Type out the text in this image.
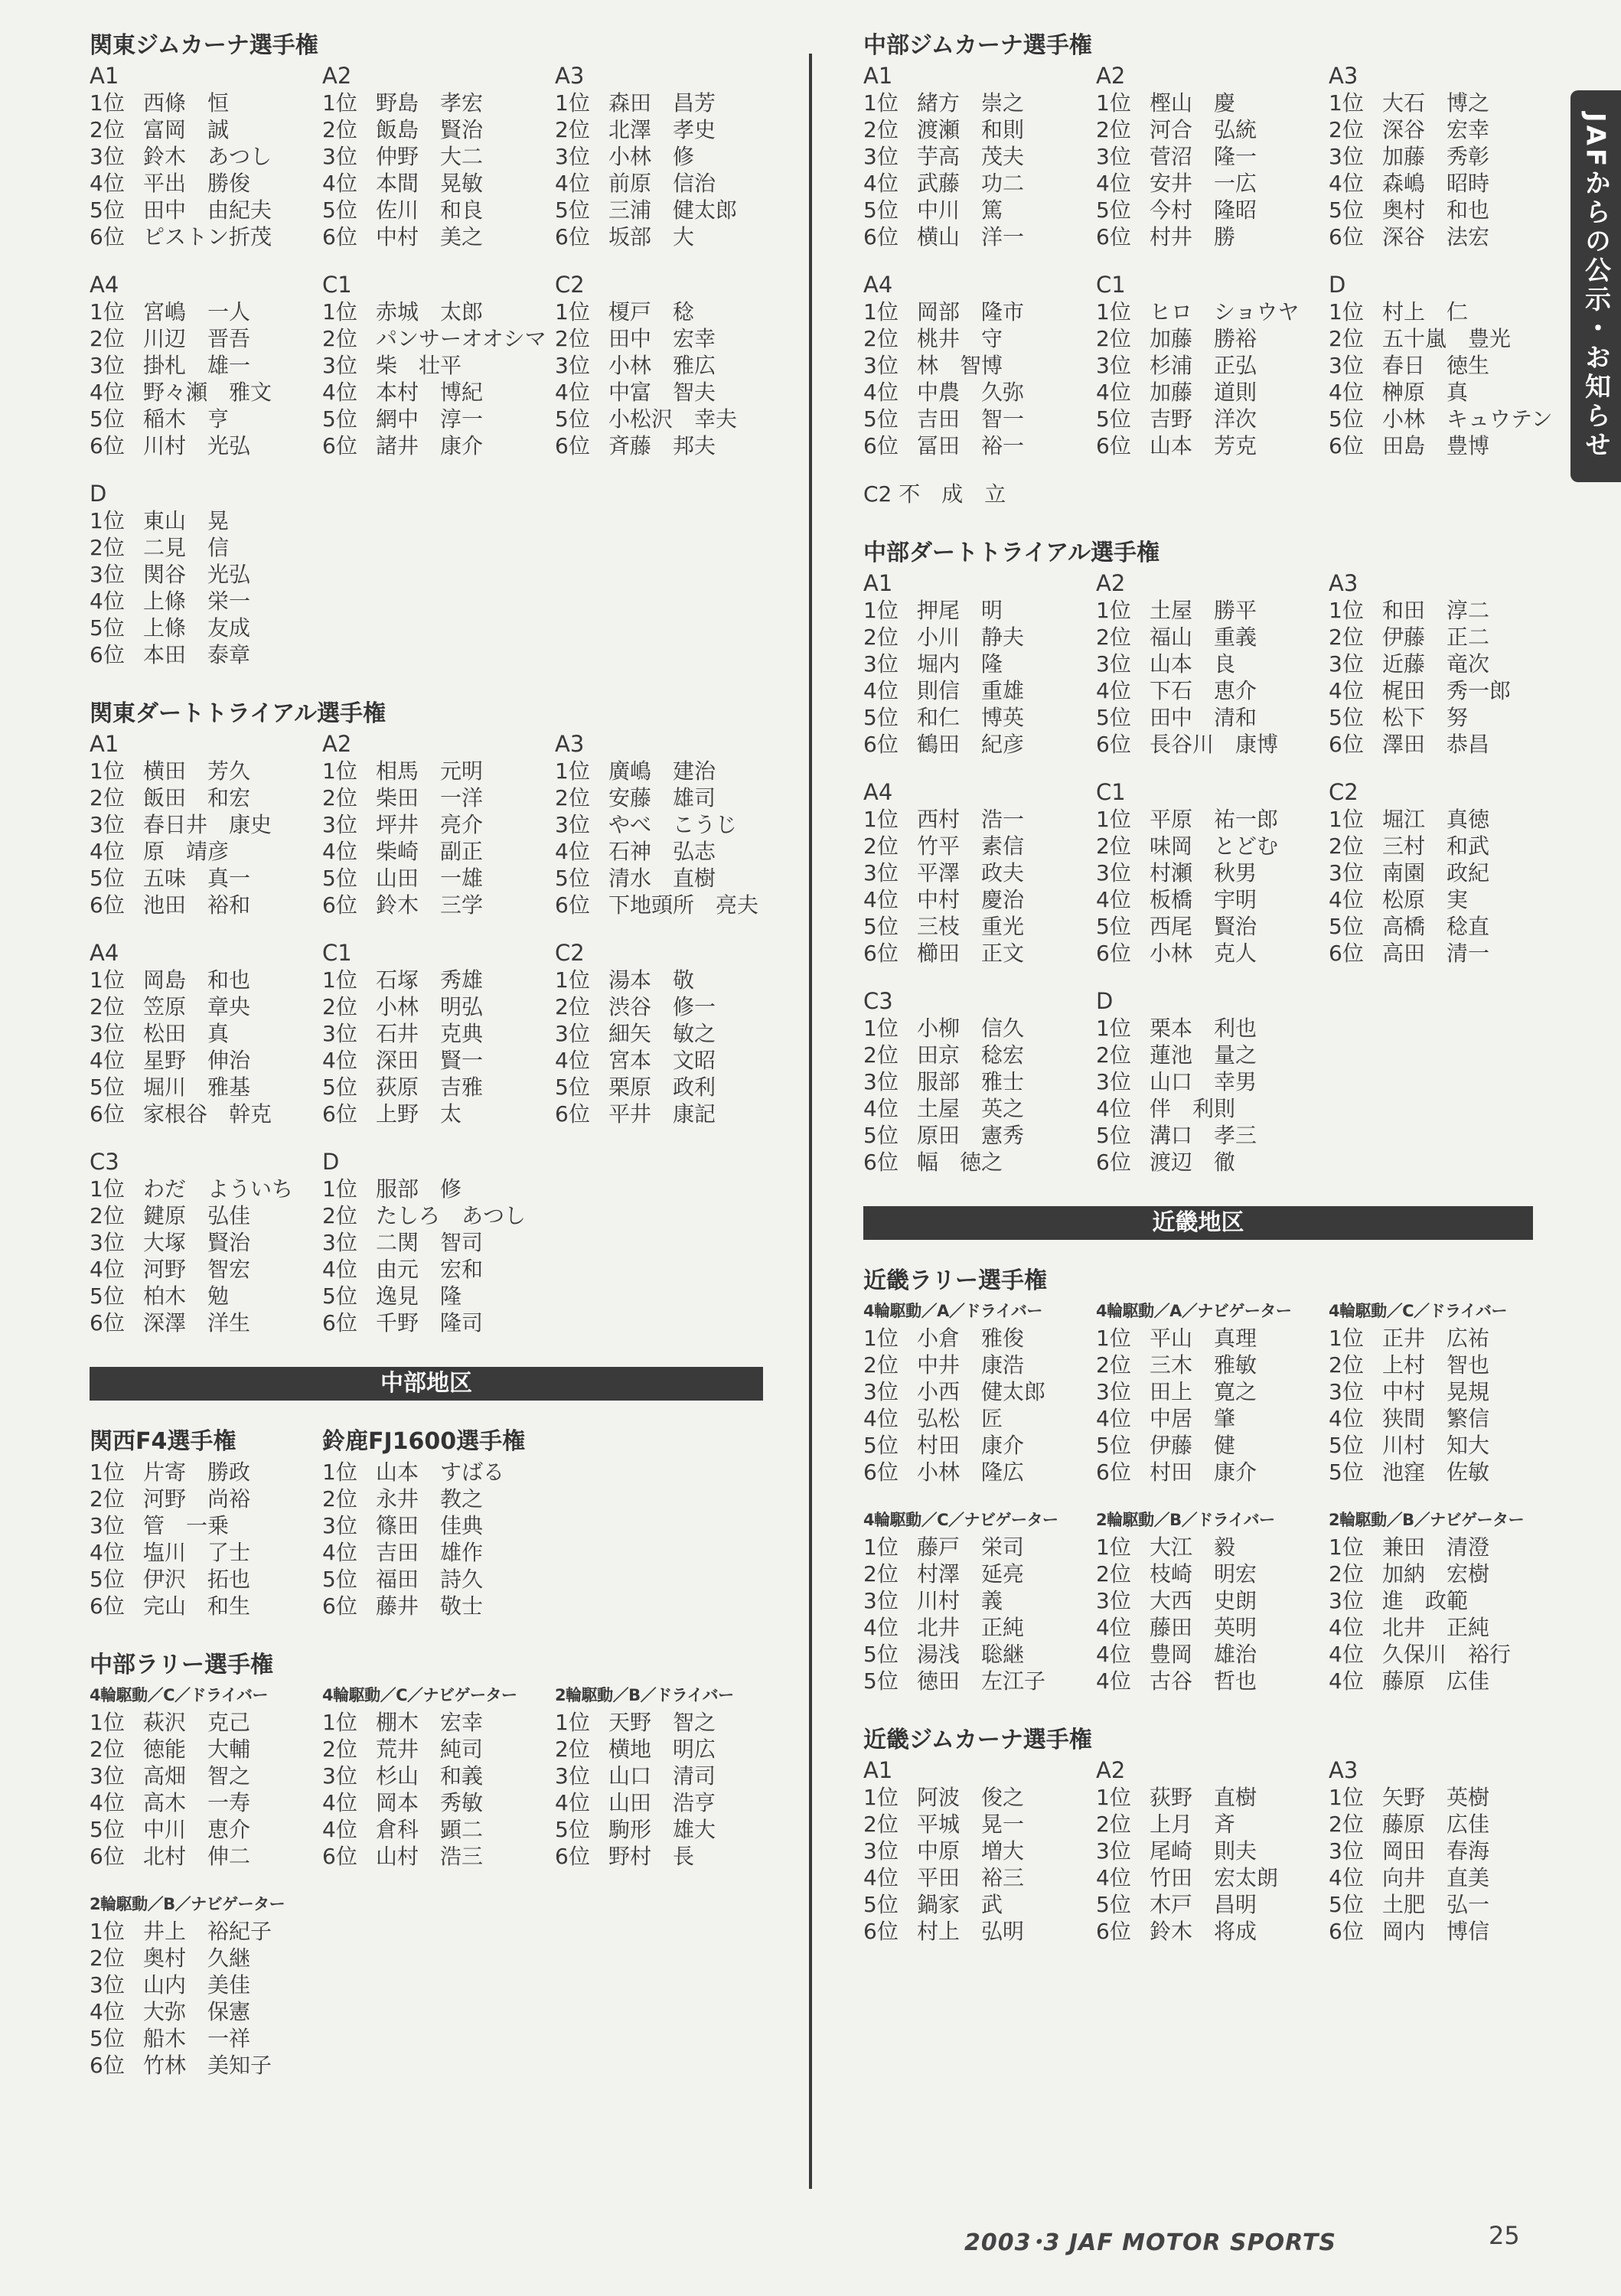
関東ジムカーナ選手権
A1
1位 西條　恒
2位 富岡　誠
3位 鈴木　あつし
4位 平出　勝俊
5位 田中　由紀夫
6位 ピストン折茂
A2
1位 野島　孝宏
2位 飯島　賢治
3位 仲野　大二
4位 本間　晃敏
5位 佐川　和良
6位 中村　美之
A3
1位 森田　昌芳
2位 北澤　孝史
3位 小林　修
4位 前原　信治
5位 三浦　健太郎
6位 坂部　大
A4
1位 宮嶋　一人
2位 川辺　晋吾
3位 掛札　雄一
4位 野々瀬　雅文
5位 稲木　亨
6位 川村　光弘
C1
1位 赤城　太郎
2位 パンサーオオシマ
3位 柴　壮平
4位 本村　博紀
5位 網中　淳一
6位 諸井　康介
C2
1位 榎戸　稔
2位 田中　宏幸
3位 小林　雅広
4位 中富　智夫
5位 小松沢　幸夫
6位 斉藤　邦夫
D
1位 東山　晃
2位 二見　信
3位 関谷　光弘
4位 上條　栄一
5位 上條　友成
6位 本田　泰章
関東ダートトライアル選手権
A1
1位 横田　芳久
2位 飯田　和宏
3位 春日井　康史
4位 原　靖彦
5位 五味　真一
6位 池田　裕和
A2
1位 相馬　元明
2位 柴田　一洋
3位 坪井　亮介
4位 柴崎　副正
5位 山田　一雄
6位 鈴木　三学
A3
1位 廣嶋　建治
2位 安藤　雄司
3位 やべ　こうじ
4位 石神　弘志
5位 清水　直樹
6位 下地頭所　亮夫
A4
1位 岡島　和也
2位 笠原　章央
3位 松田　真
4位 星野　伸治
5位 堀川　雅基
6位 家根谷　幹克
C1
1位 石塚　秀雄
2位 小林　明弘
3位 石井　克典
4位 深田　賢一
5位 荻原　吉雅
6位 上野　太
C2
1位 湯本　敬
2位 渋谷　修一
3位 細矢　敏之
4位 宮本　文昭
5位 栗原　政利
6位 平井　康記
C3
1位 わだ　よういち
2位 鍵原　弘佳
3位 大塚　賢治
4位 河野　智宏
5位 柏木　勉
6位 深澤　洋生
D
1位 服部　修
2位 たしろ　あつし
3位 二関　智司
4位 由元　宏和
5位 逸見　隆
6位 千野　隆司
中部地区
関西F4選手権
1位 片寄　勝政
2位 河野　尚裕
3位 管　一乗
4位 塩川　了士
5位 伊沢　拓也
6位 完山　和生
鈴鹿FJ1600選手権
1位 山本　すばる
2位 永井　教之
3位 篠田　佳典
4位 吉田　雄作
5位 福田　詩久
6位 藤井　敬士
中部ラリー選手権
4輪駆動／C／ドライバー
1位 萩沢　克己
2位 徳能　大輔
3位 高畑　智之
4位 高木　一寿
5位 中川　恵介
6位 北村　伸二
4輪駆動／C／ナビゲーター
1位 棚木　宏幸
2位 荒井　純司
3位 杉山　和義
4位 岡本　秀敏
4位 倉科　顕二
6位 山村　浩三
2輪駆動／B／ドライバー
1位 天野　智之
2位 横地　明広
3位 山口　清司
4位 山田　浩亨
5位 駒形　雄大
6位 野村　長
2輪駆動／B／ナビゲーター
1位 井上　裕紀子
2位 奥村　久継
3位 山内　美佳
4位 大弥　保憲
5位 船木　一祥
6位 竹林　美知子
中部ジムカーナ選手権
A1
1位 緒方　崇之
2位 渡瀬　和則
3位 芋高　茂夫
4位 武藤　功二
5位 中川　篤
6位 横山　洋一
A2
1位 樫山　慶
2位 河合　弘統
3位 菅沼　隆一
4位 安井　一広
5位 今村　隆昭
6位 村井　勝
A3
1位 大石　博之
2位 深谷　宏幸
3位 加藤　秀彰
4位 森嶋　昭時
5位 奥村　和也
6位 深谷　法宏
A4
1位 岡部　隆市
2位 桃井　守
3位 林　智博
4位 中農　久弥
5位 吉田　智一
6位 冨田　裕一
C1
1位 ヒロ　ショウヤ
2位 加藤　勝裕
3位 杉浦　正弘
4位 加藤　道則
5位 吉野　洋次
6位 山本　芳克
D
1位 村上　仁
2位 五十嵐　豊光
3位 春日　徳生
4位 榊原　真
5位 小林　キュウテン
6位 田島　豊博
C2 不　成　立
中部ダートトライアル選手権
A1
1位 押尾　明
2位 小川　静夫
3位 堀内　隆
4位 則信　重雄
5位 和仁　博英
6位 鶴田　紀彦
A2
1位 土屋　勝平
2位 福山　重義
3位 山本　良
4位 下石　恵介
5位 田中　清和
6位 長谷川　康博
A3
1位 和田　淳二
2位 伊藤　正二
3位 近藤　竜次
4位 梶田　秀一郎
5位 松下　努
6位 澤田　恭昌
A4
1位 西村　浩一
2位 竹平　素信
3位 平澤　政夫
4位 中村　慶治
5位 三枝　重光
6位 櫛田　正文
C1
1位 平原　祐一郎
2位 味岡　とどむ
3位 村瀬　秋男
4位 板橋　宇明
5位 西尾　賢治
6位 小林　克人
C2
1位 堀江　真徳
2位 三村　和武
3位 南園　政紀
4位 松原　実
5位 高橋　稔直
6位 高田　清一
C3
1位 小柳　信久
2位 田京　稔宏
3位 服部　雅士
4位 土屋　英之
5位 原田　憲秀
6位 幅　徳之
D
1位 栗本　利也
2位 蓮池　量之
3位 山口　幸男
4位 伴　利則
5位 溝口　孝三
6位 渡辺　徹
近畿地区
近畿ラリー選手権
4輪駆動／A／ドライバー
1位 小倉　雅俊
2位 中井　康浩
3位 小西　健太郎
4位 弘松　匠
5位 村田　康介
6位 小林　隆広
4輪駆動／A／ナビゲーター
1位 平山　真理
2位 三木　雅敏
3位 田上　寛之
4位 中居　肇
5位 伊藤　健
6位 村田　康介
4輪駆動／C／ドライバー
1位 正井　広祐
2位 上村　智也
3位 中村　晃規
4位 狭間　繁信
5位 川村　知大
5位 池窪　佐敏
4輪駆動／C／ナビゲーター
1位 藤戸　栄司
2位 村澤　延亮
3位 川村　義
4位 北井　正純
5位 湯浅　聡継
5位 徳田　左江子
2輪駆動／B／ドライバー
1位 大江　毅
2位 枝崎　明宏
3位 大西　史朗
4位 藤田　英明
4位 豊岡　雄治
4位 古谷　哲也
2輪駆動／B／ナビゲーター
1位 兼田　清澄
2位 加納　宏樹
3位 進　政範
4位 北井　正純
4位 久保川　裕行
4位 藤原　広佳
近畿ジムカーナ選手権
A1
1位 阿波　俊之
2位 平城　晃一
3位 中原　増大
4位 平田　裕三
5位 鍋家　武
6位 村上　弘明
A2
1位 荻野　直樹
2位 上月　斉
3位 尾崎　則夫
4位 竹田　宏太朗
5位 木戸　昌明
6位 鈴木　将成
A3
1位 矢野　英樹
2位 藤原　広佳
3位 岡田　春海
4位 向井　直美
5位 土肥　弘一
6位 岡内　博信
JAFからの公示・お知らせ
2003･3 JAF MOTOR SPORTS	25
